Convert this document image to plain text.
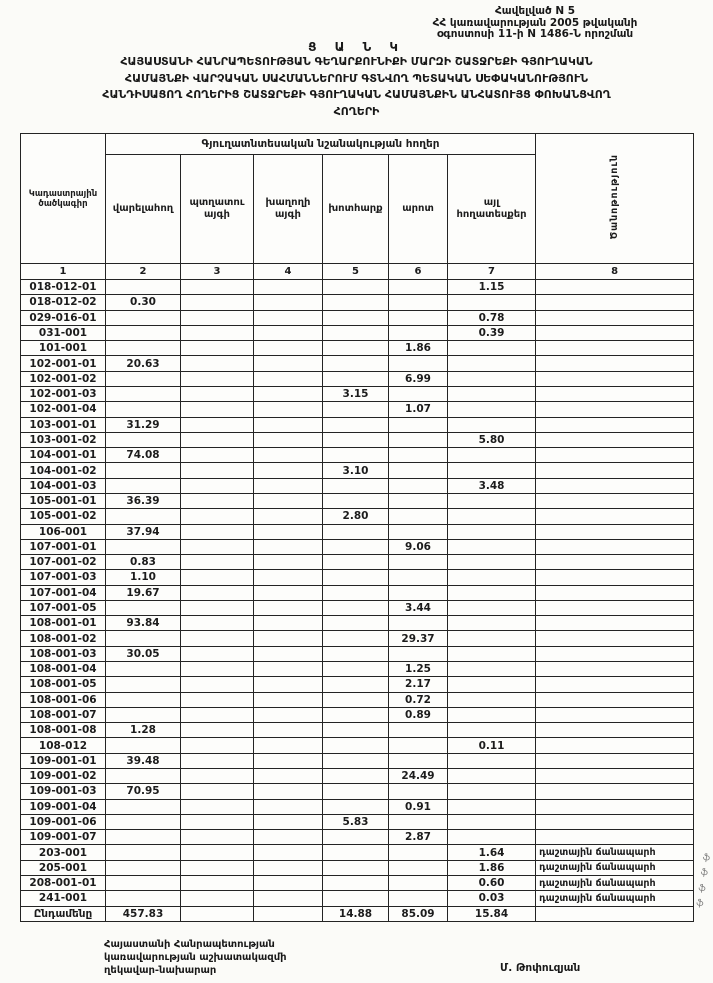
Հավելված N 5
ՀՀ կառավարության 2005 թվականի
օգոստոսի 11-ի N 1486-Ն որոշման
Ց Ա Ն Կ
ՀԱՅԱՍՏԱՆԻ ՀԱՆՐԱՊԵՏՈՒԹՅԱՆ ԳԵՂԱՐՔՈՒՆԻՔԻ ՄԱՐԶԻ ՇԱՏՋՐԵՔԻ ԳՅՈՒՂԱԿԱՆ
ՀԱՄԱՅՆՔԻ ՎԱՐՉԱԿԱՆ ՍԱՀՄԱՆՆԵՐՈՒՄ ԳՏՆՎՈՂ ՊԵՏԱԿԱՆ ՍԵՓԱԿԱՆՈՒԹՅՈՒՆ
ՀԱՆԴԻՍԱՑՈՂ ՀՈՂԵՐԻՑ ՇԱՏՋՐԵՔԻ ԳՅՈՒՂԱԿԱՆ ՀԱՄԱՅՆՔԻՆ ԱՆՀԱՏՈՒՅՑ ՓՈԽԱՆՑՎՈՂ
ՀՈՂԵՐԻ
Կադաստրային ծածկագիր	Գյուղատնտեսական նշանակության հողեր						Ծանոթություն
	վարելահող	պտղատու այգի	խաղողի այգի	խոտհարք	արոտ	այլ հողատեսքեր	
1	2	3	4	5	6	7	8
018-012-01						1.15	
018-012-02	0.30						
029-016-01						0.78	
031-001						0.39	
101-001					1.86		
102-001-01	20.63						
102-001-02					6.99		
102-001-03				3.15			
102-001-04					1.07		
103-001-01	31.29						
103-001-02						5.80	
104-001-01	74.08						
104-001-02				3.10			
104-001-03						3.48	
105-001-01	36.39						
105-001-02				2.80			
106-001	37.94						
107-001-01					9.06		
107-001-02	0.83						
107-001-03	1.10						
107-001-04	19.67						
107-001-05					3.44		
108-001-01	93.84						
108-001-02					29.37		
108-001-03	30.05						
108-001-04					1.25		
108-001-05					2.17		
108-001-06					0.72		
108-001-07					0.89		
108-001-08	1.28						
108-012						0.11	
109-001-01	39.48						
109-001-02					24.49		
109-001-03	70.95						
109-001-04					0.91		
109-001-06				5.83			
109-001-07					2.87		
203-001						1.64	դաշտային ճանապարհ
205-001						1.86	դաշտային ճանապարհ
208-001-01						0.60	դաշտային ճանապարհ
241-001						0.03	դաշտային ճանապարհ
Ընդամենը	457.83			14.88	85.09	15.84	
ֆ
ֆ
ֆ
ֆ
Հայաստանի Հանրապետության
կառավարության աշխատակազմի
ղեկավար-նախարար	Մ. Թոփուզյան
